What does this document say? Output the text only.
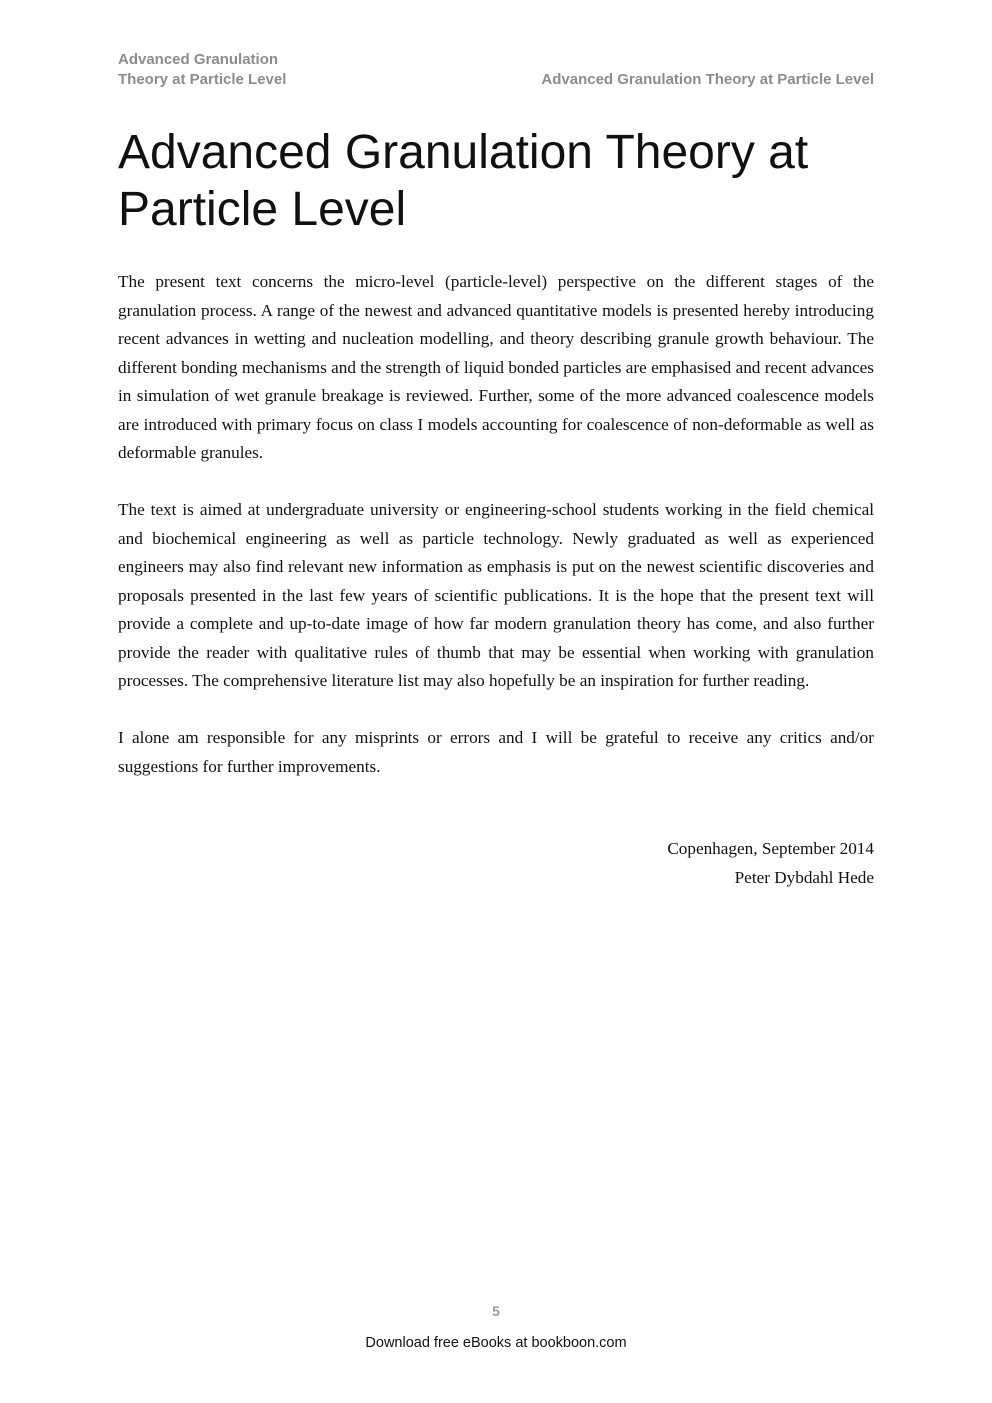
Advanced Granulation
Theory at Particle Level	Advanced Granulation Theory at Particle Level
Advanced Granulation Theory at
Particle Level

The present text concerns the micro-level (particle-level) perspective on the different stages of the granulation process. A range of the newest and advanced quantitative models is presented hereby introducing recent advances in wetting and nucleation modelling, and theory describing granule growth behaviour. The different bonding mechanisms and the strength of liquid bonded particles are emphasised and recent advances in simulation of wet granule breakage is reviewed. Further, some of the more advanced coalescence models are introduced with primary focus on class I models accounting for coalescence of non-deformable as well as deformable granules.

The text is aimed at undergraduate university or engineering-school students working in the field chemical and biochemical engineering as well as particle technology. Newly graduated as well as experienced engineers may also find relevant new information as emphasis is put on the newest scientific discoveries and proposals presented in the last few years of scientific publications. It is the hope that the present text will provide a complete and up-to-date image of how far modern granulation theory has come, and also further provide the reader with qualitative rules of thumb that may be essential when working with granulation processes. The comprehensive literature list may also hopefully be an inspiration for further reading.

I alone am responsible for any misprints or errors and I will be grateful to receive any critics and/or suggestions for further improvements.

Copenhagen, September 2014
Peter Dybdahl Hede
5
Download free eBooks at bookboon.com
